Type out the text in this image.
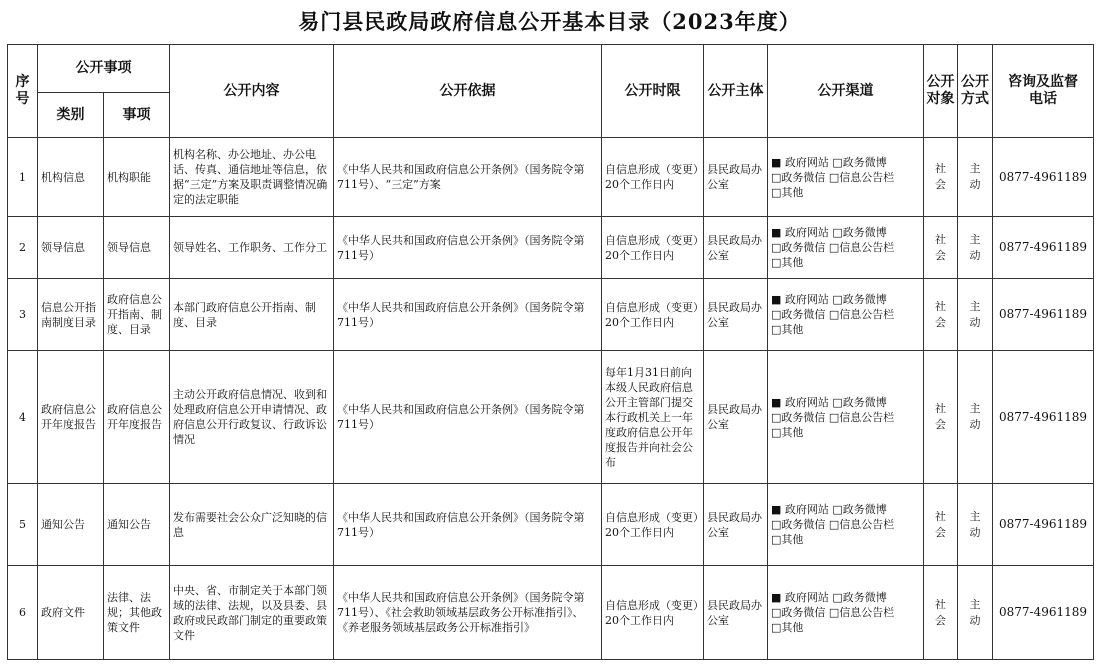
易门县民政局政府信息公开基本目录（2023年度）
序号	公开事项		公开内容	公开依据	公开时限	公开主体	公开渠道	公开对象	公开方式	咨询及监督电话
	类别	事项								
1	机构信息	机构职能	机构名称、办公地址、办公电话、传真、通信地址等信息，依据“三定”方案及职责调整情况确定的法定职能	《中华人民共和国政府信息公开条例》（国务院令第711号）、“三定”方案	自信息形成（变更）20个工作日内	县民政局办公室	■ 政府网站 □政务微博
□政务微信 □信息公告栏
□其他	社会	主动	0877-4961189
2	领导信息	领导信息	领导姓名、工作职务、工作分工	《中华人民共和国政府信息公开条例》（国务院令第711号）	自信息形成（变更）20个工作日内	县民政局办公室	■ 政府网站 □政务微博
□政务微信 □信息公告栏
□其他	社会	主动	0877-4961189
3	信息公开指南制度目录	政府信息公开指南、制度、目录	本部门政府信息公开指南、制度、目录	《中华人民共和国政府信息公开条例》（国务院令第711号）	自信息形成（变更）20个工作日内	县民政局办公室	■ 政府网站 □政务微博
□政务微信 □信息公告栏
□其他	社会	主动	0877-4961189
4	政府信息公开年度报告	政府信息公开年度报告	主动公开政府信息情况、收到和处理政府信息公开申请情况、政府信息公开行政复议、行政诉讼情况	《中华人民共和国政府信息公开条例》（国务院令第711号）	每年1月31日前向本级人民政府信息公开主管部门提交本行政机关上一年度政府信息公开年度报告并向社会公布	县民政局办公室	■ 政府网站 □政务微博
□政务微信 □信息公告栏
□其他	社会	主动	0877-4961189
5	通知公告	通知公告	发布需要社会公众广泛知晓的信息	《中华人民共和国政府信息公开条例》（国务院令第711号）	自信息形成（变更）20个工作日内	县民政局办公室	■ 政府网站 □政务微博
□政务微信 □信息公告栏
□其他	社会	主动	0877-4961189
6	政府文件	法律、法规；其他政策文件	中央、省、市制定关于本部门领域的法律、法规，以及县委、县政府或民政部门制定的重要政策文件	《中华人民共和国政府信息公开条例》（国务院令第711号）、《社会救助领域基层政务公开标准指引》、《养老服务领域基层政务公开标准指引》	自信息形成（变更）20个工作日内	县民政局办公室	■ 政府网站 □政务微博
□政务微信 □信息公告栏
□其他	社会	主动	0877-4961189
